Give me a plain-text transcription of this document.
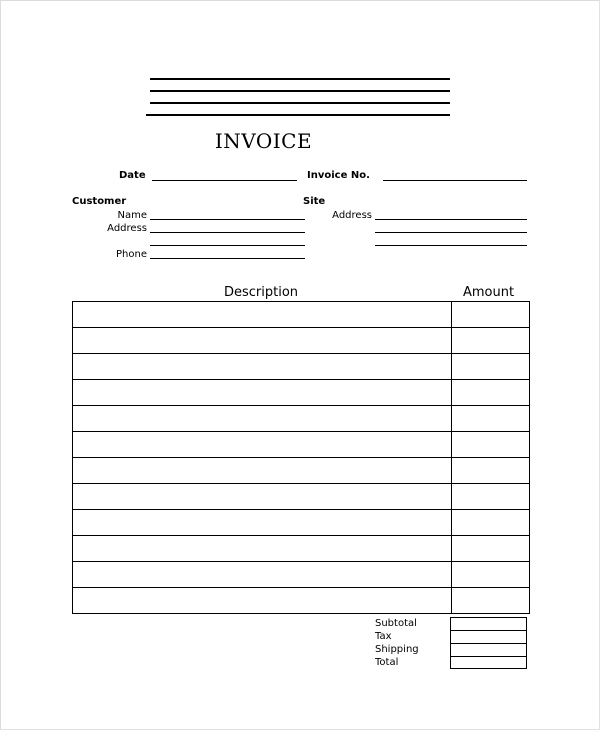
INVOICE
Date	Invoice No.
Customer
Name
Address
Phone
Site
Address
Description	Amount

Subtotal
Tax
Shipping
Total
